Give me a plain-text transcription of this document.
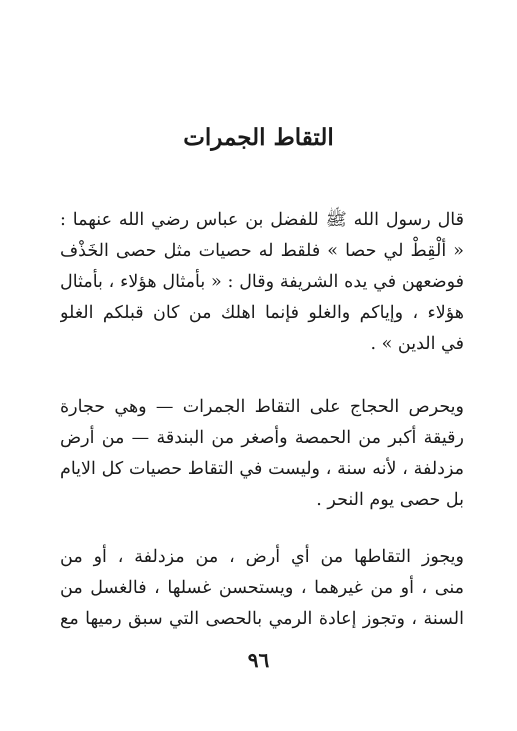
التقاط الجمرات
قال رسول الله ﷺ للفضل بن عباس رضي الله عنهما :
« ألْقِطْ لي حصا » فلقط له حصيات مثل حصى الخَذْف
فوضعهن في يده الشريفة وقال : « بأمثال هؤلاء ، بأمثال
هؤلاء ، وإياكم والغلو فإنما اهلك من كان قبلكم الغلو
في الدين » .
ويحرص الحجاج على التقاط الجمرات — وهي حجارة
رقيقة أكبر من الحمصة وأصغر من البندقة — من أرض
مزدلفة ، لأنه سنة ، وليست في التقاط حصيات كل الايام
بل حصى يوم النحر .
ويجوز التقاطها من أي أرض ، من مزدلفة ، أو من
منى ، أو من غيرهما ، ويستحسن غسلها ، فالغسل من
السنة ، وتجوز إعادة الرمي بالحصى التي سبق رميها مع
٩٦
